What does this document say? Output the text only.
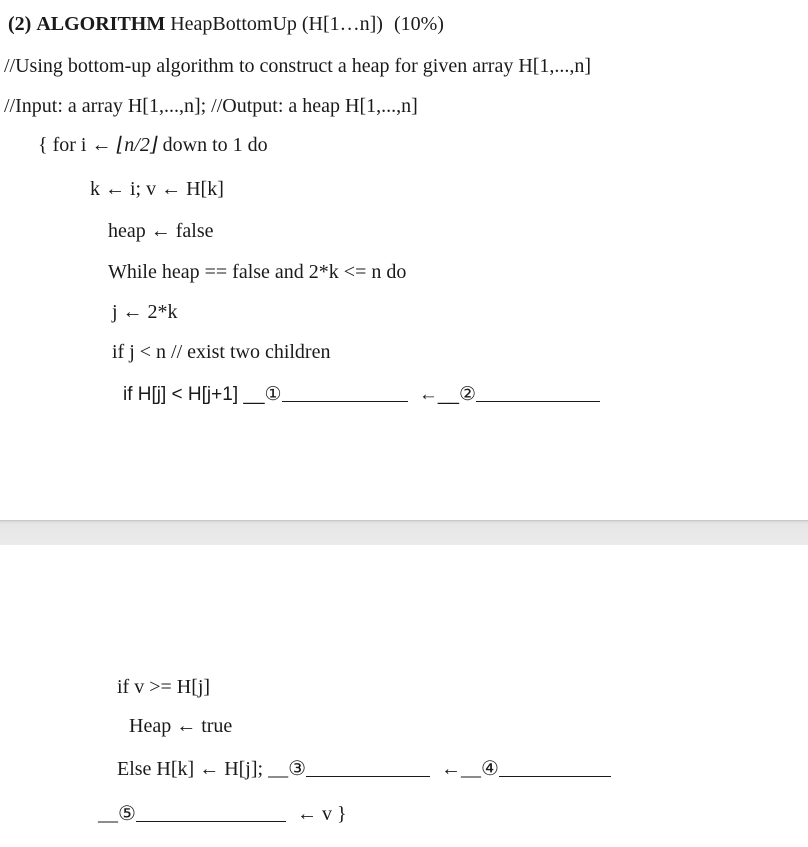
(2) ALGORITHM HeapBottomUp (H[1…n]) (10%)
//Using bottom-up algorithm to construct a heap for given array H[1,...,n]
//Input: a array H[1,...,n]; //Output: a heap H[1,...,n]
{ for i ← ⌊n/2⌋ down to 1 do
k ← i; v ← H[k]
heap ← false
While heap == false and 2*k <= n do
j ← 2*k
if j < n // exist two children
if H[j] < H[j+1] __①	←__②
if v >= H[j]
Heap ← true
Else H[k] ← H[j]; __③	←__④
__⑤	← v }
